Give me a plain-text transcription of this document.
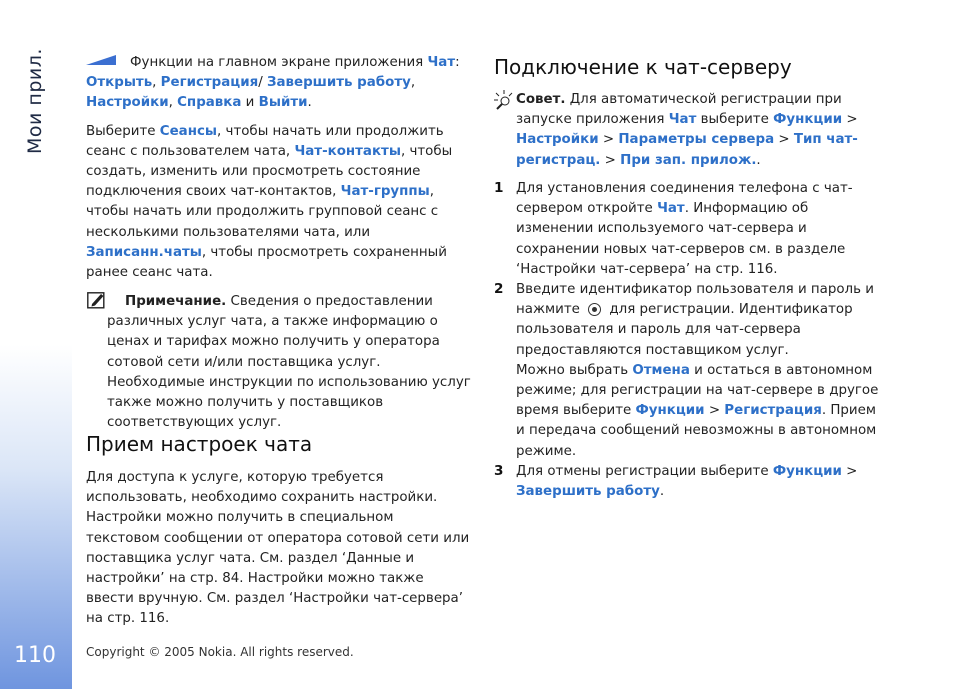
Мои прил.
110

Функции на главном экране приложения Чат: Открыть, Регистрация/ Завершить работу, Настройки, Справка и Выйти.

Выберите Сеансы, чтобы начать или продолжить сеанс с пользователем чата, Чат-контакты, чтобы создать, изменить или просмотреть состояние подключения своих чат-контактов, Чат-группы, чтобы начать или продолжить групповой сеанс с несколькими пользователями чата, или Записанн.чаты, чтобы просмотреть сохраненный ранее сеанс чата.

Примечание. Сведения о предоставлении различных услуг чата, а также информацию о ценах и тарифах можно получить у оператора сотовой сети и/или поставщика услуг. Необходимые инструкции по использованию услуг также можно получить у поставщиков соответствующих услуг.

Прием настроек чата

Для доступа к услуге, которую требуется использовать, необходимо сохранить настройки. Настройки можно получить в специальном текстовом сообщении от оператора сотовой сети или поставщика услуг чата. См. раздел ‘Данные и настройки’ на стр. 84. Настройки можно также ввести вручную. См. раздел ‘Настройки чат-сервера’ на стр. 116.

Подключение к чат-серверу

Совет. Для автоматической регистрации при запуске приложения Чат выберите Функции > Настройки > Параметры сервера > Тип чат-регистрац. > При зап. прилож..

1 Для установления соединения телефона с чат-сервером откройте Чат. Информацию об изменении используемого чат-сервера и сохранении новых чат-серверов см. в разделе ‘Настройки чат-сервера’ на стр. 116.

2 Введите идентификатор пользователя и пароль и нажмите  для регистрации. Идентификатор пользователя и пароль для чат-сервера предоставляются поставщиком услуг.

Можно выбрать Отмена и остаться в автономном режиме; для регистрации на чат-сервере в другое время выберите Функции > Регистрация. Прием и передача сообщений невозможны в автономном режиме.

3 Для отмены регистрации выберите Функции > Завершить работу.

Copyright © 2005 Nokia. All rights reserved.
